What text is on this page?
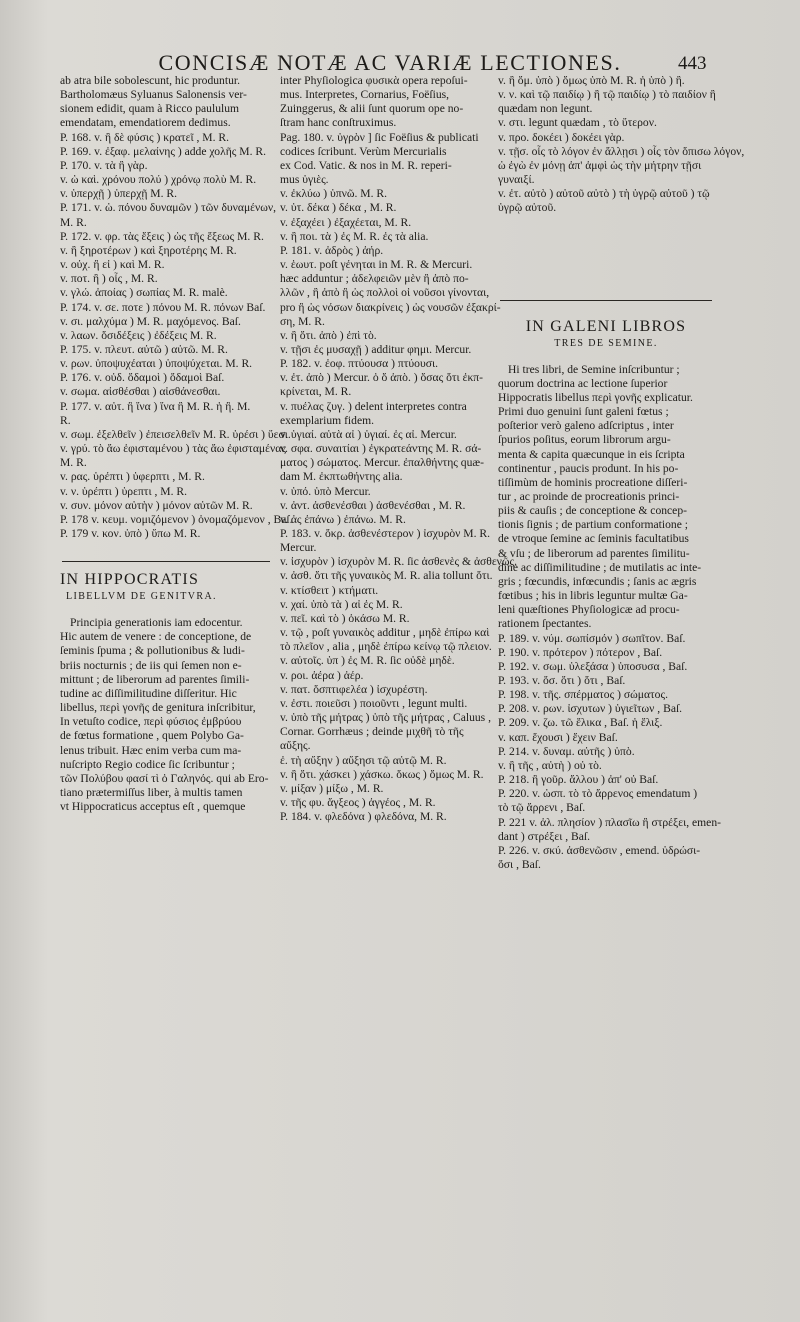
CONCISÆ NOTÆ AC VARIÆ LECTIONES.	443
ab atra bile sobolescunt, hic produntur.
Bartholomæus Syluanus Salonensis ver-
sionem edidit, quam à Ricco paululum
emendatam, emendatiorem dedimus.
P. 168. v. ἢ δὲ φύσις ) κρατεῖ , M. R.
P. 169. v. ἐξαφ. μελαίνης ) adde χολῆς M. R.
P. 170. v. τὰ ἢ γὰρ.
v. ὡ καὶ. χρόνου πολύ ) χρόνῳ πολὺ M. R.
v. ὑπερχῇ ) ὑπερχῇ M. R.
P. 171. v. ὡ. πόνου δυναμῶν ) τῶν δυναμένων,
M. R.
P. 172. v. φρ. τὰς ἕξεις ) ὡς τῆς ἕξεως M. R.
v. ἢ ξηροτέρων ) καὶ ξηροτέρης M. R.
v. οὐχ. ἢ εἰ ) καὶ M. R.
v. ποτ. ἢ ) οἷς , M. R.
v. γλώ. ἀποίας ) σωπίας M. R. malè.
P. 174. v. σε. ποτε ) πόνου M. R. πόνων Baſ.
v. σι. μαλχύμα ) M. R. μαχόμενος. Baſ.
v. λαων. ὄσιδέξεις ) ἐδέξεις M. R.
P. 175. v. πλευτ. αὐτῶ ) αὐτῶ. M. R.
v. ρων. ὑποψυχέαται ) ὑποψύχεται. M. R.
P. 176. v. οὐδ. ὄδαμοὶ ) ὄδαμοὶ Baſ.
v. σωμα. αἰσθέσθαι ) αἰσθάνεσθαι.
P. 177. v. αὐτ. ἢ ἵνα ) ἵνα ἢ M. R. ἡ ἢ. M.
R.
v. σωμ. ἐξελθεῖν ) ἐπεισελθεῖν M. R. ὑρέσι ) ὕεσι.
v. γρύ. τὸ ἄω ἐφισταμένου ) τὰς ἄω ἐφισταμένας
M. R.
v. ρας. ὑρέπτι ) ὑφερπτι , M. R.
v. ν. ὑρέπτι ) ὑρεπτι , M. R.
v. συν. μόνον αὐτὴν ) μόνον αὐτῶν M. R.
P. 178 v. κευμ. νομιζόμενον ) ὀνομαζόμενον , Baſ.
P. 179 v. κον. ὑπὸ ) ὕπω M. R.
IN HIPPOCRATIS
LIBELLVM DE GENITVRA.
Principia generationis iam edocentur.
Hic autem de venere : de conceptione, de
ſeminis ſpuma ; & pollutionibus & ludi-
briis nocturnis ; de iis qui ſemen non e-
mittunt ; de liberorum ad parentes ſimili-
tudine ac diſſimilitudine diſſeritur. Hic
libellus, περὶ γονῆς de genitura inſcribitur,
In vetuſto codice, περὶ φύσιος ἐμβρύου
de fœtus formatione , quem Polybo Ga-
lenus tribuit. Hæc enim verba cum ma-
nuſcripto Regio codice ſic ſcribuntur ;
τῶν Πολύβου φασί τὶ ὁ Γαληνός. qui ab Ero-
tiano prætermiſſus liber, à multis tamen
vt Hippocraticus acceptus eſt , quemque
inter Phyſiologica φυσικὰ opera repoſui-
mus. Interpretes, Cornarius, Foëſius,
Zuinggerus, & alii ſunt quorum ope no-
ſtram hanc conſtruximus.
Pag. 180. v. ὑγρὸν ] ſic Foëſius & publicati
codices ſcribunt. Verùm Mercurialis
ex Cod. Vatic. & nos in M. R. reperi-
mus ὑγιὲς.
v. ἐκλύω ) ὑπνῶ. M. R.
v. ὑτ. δέκα ) δέκα , M. R.
v. ἐξαχέει ) ἐξαχέεται, M. R.
v. ἢ ποι. τὰ ) ἐς M. R. ἐς τὰ alia.
P. 181. v. ἀδρὸς ) ἀήρ.
v. ἑωυτ. poſt γένηται in M. R. & Mercuri.
hæc adduntur ; ἀδελφειῶν μὲν ἢ ἀπὸ πο-
λλῶν , ἢ ἀπὸ ἢ ὡς πολλοὶ οἱ νοῦσοι γίνονται,
pro ἢ ὡς νόσων διακρίνεις ) ὡς νουσῶν ἐξακρί-
ση, M. R.
v. ἢ ὅτι. ἀπὸ ) ἐπὶ τὸ.
v. τῇσι ἐς μυσαχῇ ) additur φημι. Mercur.
P. 182. v. ἐοφ. πτύουσα ) πτύουσι.
v. ἐτ. ἀπὸ ) Mercur. ὁ ὅ ἀπὸ. ) ὅσας ὅτι ἐκπ-
κρίνεται, M. R.
v. πυέλας ζυγ. ) delent interpretes contra
exemplarium fidem.
v. ὑγιαί. αὐτὰ αἰ ) ὑγιαί. ἐς αἰ. Mercur.
v. σφα. συναιτίαι ) ἐγκρατεάντης M. R. σά-
ματος ) σώματος. Mercur. ἐπαλθήντης quæ-
dam M. ἐκπτωθήντης alia.
v. ὑπό. ὑπὸ Mercur.
v. ἀντ. ἀσθενέσθαι ) ἀσθενέσθαι , M. R.
v. ἀς ἐπάνω ) ἐπάνω. M. R.
P. 183. v. ὄκρ. ἀσθενέστερον ) ἰσχυρὸν M. R.
Mercur.
v. ἰσχυρὸν ) ἰσχυρὸν M. R. ſic ἀσθενὲς & ἀσθενῶς.
v. ἀσθ. ὅτι τῆς γυναικὸς M. R. alia tollunt ὅτι.
v. κτίσθειτ ) κτήματι.
v. χαί. ὑπὸ τὰ ) αἱ ἐς M. R.
v. πεῖ. καὶ τὸ ) ὀκάσω M. R.
v. τῷ , poſt γυναικὸς additur , μηδὲ ἐπίρω καὶ
τὸ πλεῖον , alia , μηδὲ ἐπίρω κείνῳ τῷ πλειον.
v. αὐτοῖς. ὑπ ) ἐς M. R. ſic οὐδὲ μηδὲ.
v. ροι. ἀέρα ) ἀέρ.
v. πατ. ὄσπτιφελέα ) ἰσχυρέστη.
v. ἐστι. ποιεῦσι ) ποιοῦντι , legunt multi.
v. ὑπὸ τῆς μήτρας ) ὑπὸ τῆς μήτρας , Caluus ,
Cornar. Gorrhæus ; deinde μιχθῆ τὸ τῆς
αὔξης.
ἐ. τὴ αὔξην ) αὔξησι τῷ αὐτῷ M. R.
v. ἢ ὅτι. χάσκει ) χάσκω. ὅκως ) ὅμως M. R.
v. μίξαν ) μίξω , M. R.
v. τῆς φυ. ἄγξεος ) ἀγγέος , M. R.
P. 184. v. φλεδόνα ) φλεδόνα, M. R.
v. ἢ ὅμ. ὑπὸ ) ὅμως ὑπὸ M. R. ἡ ὑπὸ ) ἢ.
v. ν. καὶ τῷ παιδίῳ ) ἢ τῷ παιδίῳ ) τὸ παιδίον ἢ
quædam non legunt.
v. στι. legunt quædam , τὸ ὕτερον.
v. προ. δοκέει ) δοκέει γὰρ.
v. τῇσ. οἷς τὸ λόγον ἐν ἄλλῃσι ) οἷς τὸν ὄπισω λόγον,
ὡ ἐγὼ ἐν μόνῃ ἀπ' ἀμφὶ ὡς τὴν μήτρην τῇσι
γυναιξί.
v. ἐτ. αὐτὸ ) αὐτοῦ αὐτὸ ) τὴ ὑγρῷ αὐτοῦ ) τῷ
ὑγρῷ αὐτοῦ.
IN GALENI LIBROS
TRES DE SEMINE.
Hi tres libri, de Semine inſcribuntur ;
quorum doctrina ac lectione ſuperior
Hippocratis libellus περὶ γονῆς explicatur.
Primi duo genuini ſunt galeni fœtus ;
poſterior verò galeno adſcriptus , inter
ſpurios poſitus, eorum librorum argu-
menta & capita quæcunque in eis ſcripta
continentur , paucis produnt. In his po-
tiſſimùm de hominis procreatione diſſeri-
tur , ac proinde de procreationis princi-
piis & cauſis ; de conceptione & concep-
tionis ſignis ; de partium conformatione ;
de vtroque ſemine ac ſeminis facultatibus
& vſu ; de liberorum ad parentes ſimilitu-
dine ac diſſimilitudine ; de mutilatis ac inte-
gris ; fœcundis, infœcundis ; ſanis ac ægris
fœtibus ; his in libris leguntur multæ Ga-
leni quæſtiones Phyſiologicæ ad procu-
rationem ſpectantes.
P. 189. v. νύμ. σωπίσμόν ) σωπῖτον. Baſ.
P. 190. v. πρότερον ) πότερον , Baſ.
P. 192. v. σωμ. ὑλεξάσα ) ὑποσυσα , Baſ.
P. 193. v. ὅσ. ὅτι ) ὅτι , Baſ.
P. 198. v. τῆς. σπέρματος ) σώματος.
P. 208. v. ρων. ἰσχυτων ) ὑγιεῖτων , Baſ.
P. 209. v. ζω. τῶ ἕλικα , Baſ. ἡ ἕλιξ.
v. καπ. ἔχουσι ) ἔχειν Baſ.
P. 214. v. δυναμ. αὐτῆς ) ὑπὸ.
v. ἢ τῆς , αὐτὴ ) οὐ τὸ.
P. 218. ἢ γοῦρ. ἄλλου ) ἀπ' οὐ Baſ.
P. 220. v. ὡσπ. τὸ τὸ ἄρρενος emendatum )
τὸ τῷ ἄρρενι , Baſ.
P. 221 v. ἀλ. πλησίον ) πλασῖω ἢ στρέξει, emen-
dant ) στρέξει , Baſ.
P. 226. v. σκύ. ἀσθενῶσιν , emend. ὑδρώσι-
ὅσι , Baſ.
